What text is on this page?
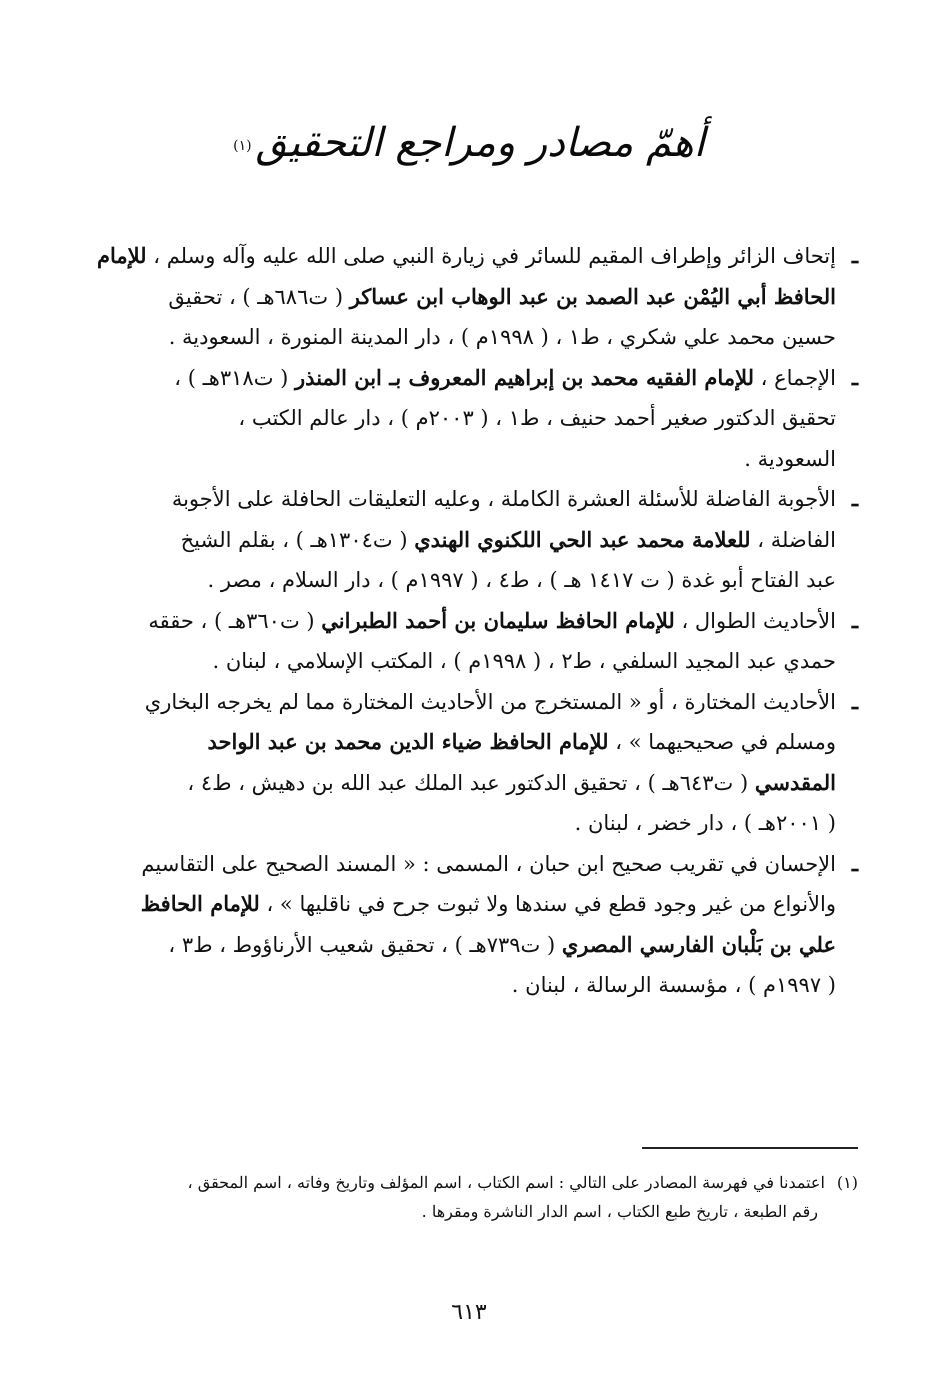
أهمّ مصادر ومراجع التحقيق(١)
ـ
إتحاف الزائر وإطراف المقيم للسائر في زيارة النبي صلى الله عليه وآله وسلم ، للإمام
الحافظ أبي اليُمْن عبد الصمد بن عبد الوهاب ابن عساكر ( ت٦٨٦هـ ) ، تحقيق
حسين محمد علي شكري ، ط١ ، ( ١٩٩٨م ) ، دار المدينة المنورة ، السعودية .
ـ
الإجماع ، للإمام الفقيه محمد بن إبراهيم المعروف بـ ابن المنذر ( ت٣١٨هـ ) ،
تحقيق الدكتور صغير أحمد حنيف ، ط١ ، ( ٢٠٠٣م ) ، دار عالم الكتب ،
السعودية .
ـ
الأجوبة الفاضلة للأسئلة العشرة الكاملة ، وعليه التعليقات الحافلة على الأجوبة
الفاضلة ، للعلامة محمد عبد الحي اللكنوي الهندي ( ت١٣٠٤هـ ) ، بقلم الشيخ
عبد الفتاح أبو غدة ( ت ١٤١٧ هـ ) ، ط٤ ، ( ١٩٩٧م ) ، دار السلام ، مصر .
ـ
الأحاديث الطوال ، للإمام الحافظ سليمان بن أحمد الطبراني ( ت٣٦٠هـ ) ، حققه
حمدي عبد المجيد السلفي ، ط٢ ، ( ١٩٩٨م ) ، المكتب الإسلامي ، لبنان .
ـ
الأحاديث المختارة ، أو « المستخرج من الأحاديث المختارة مما لم يخرجه البخاري
ومسلم في صحيحيهما » ، للإمام الحافظ ضياء الدين محمد بن عبد الواحد
المقدسي ( ت٦٤٣هـ ) ، تحقيق الدكتور عبد الملك عبد الله بن دهيش ، ط٤ ،
( ٢٠٠١هـ ) ، دار خضر ، لبنان .
ـ
الإحسان في تقريب صحيح ابن حبان ، المسمى : « المسند الصحيح على التقاسيم
والأنواع من غير وجود قطع في سندها ولا ثبوت جرح في ناقليها » ، للإمام الحافظ
علي بن بَلْبان الفارسي المصري ( ت٧٣٩هـ ) ، تحقيق شعيب الأرناؤوط ، ط٣ ،
( ١٩٩٧م ) ، مؤسسة الرسالة ، لبنان .
(١)اعتمدنا في فهرسة المصادر على التالي : اسم الكتاب ، اسم المؤلف وتاريخ وفاته ، اسم المحقق ،
رقم الطبعة ، تاريخ طبع الكتاب ، اسم الدار الناشرة ومقرها .
٦١٣
